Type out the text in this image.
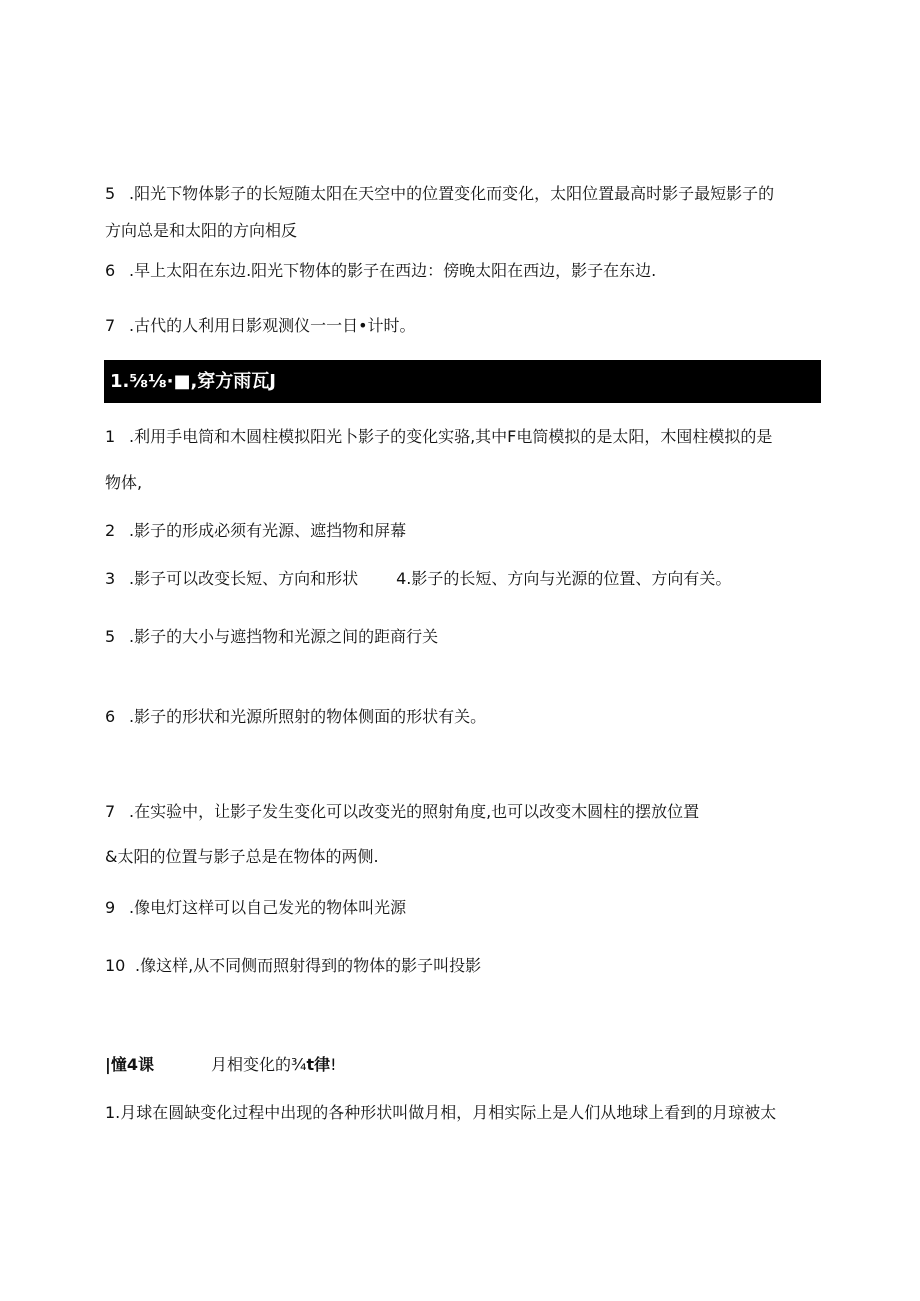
5 .阳光下物体影子的长短随太阳在天空中的位置变化而变化，太阳位置最高时影子最短影子的
方向总是和太阳的方向相反
6 .早上太阳在东边.阳光下物体的影子在西边：傍晚太阳在西边，影子在东边.
7 .古代的人利用日影观测仪一一日•计时。
1.⅝⅛·■,穿方雨瓦J
1 .利用手电筒和木圆柱模拟阳光卜影子的变化实骆,其中F电筒模拟的是太阳，木囤柱模拟的是
物体,
2 .影子的形成必须有光源、遮挡物和屏幕
3 .影子可以改变长短、方向和形状 4.影子的长短、方向与光源的位置、方向有关。
5 .影子的大小与遮挡物和光源之间的距商行关
6 .影子的形状和光源所照射的物体侧面的形状有关。
7 .在实验中，让影子发生变化可以改变光的照射角度,也可以改变木圆柱的摆放位置
&太阳的位置与影子总是在物体的两侧.
9 .像电灯这样可以自己发光的物体叫光源
10 .像这样,从不同侧而照射得到的物体的影子叫投影
|憧4课	月相变化的¾t律!
1.月球在圆缺变化过程中出现的各种形状叫做月相，月相实际上是人们从地球上看到的月琼被太
